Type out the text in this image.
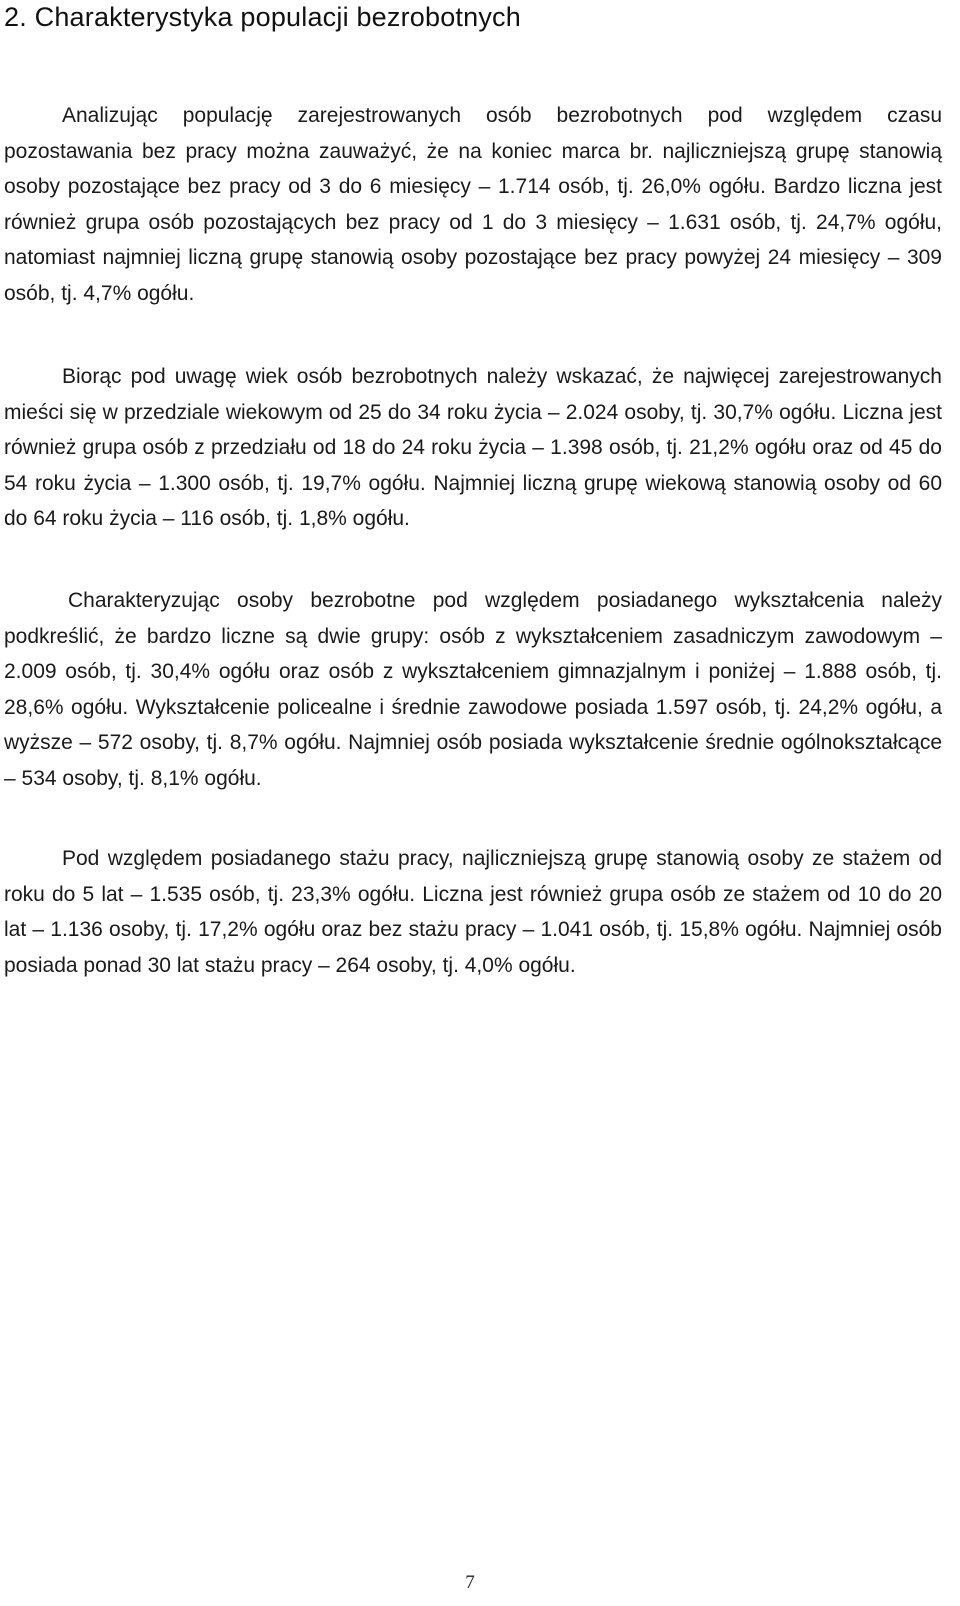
2. Charakterystyka populacji bezrobotnych

Analizując populację zarejestrowanych osób bezrobotnych pod względem czasu pozostawania bez pracy można zauważyć, że na koniec marca br. najliczniejszą grupę stanowią osoby pozostające bez pracy od 3 do 6 miesięcy – 1.714 osób, tj. 26,0% ogółu. Bardzo liczna jest również grupa osób pozostających bez pracy od 1 do 3 miesięcy – 1.631 osób, tj. 24,7% ogółu, natomiast najmniej liczną grupę stanowią osoby pozostające bez pracy powyżej 24 miesięcy – 309 osób, tj. 4,7% ogółu.

Biorąc pod uwagę wiek osób bezrobotnych należy wskazać, że najwięcej zarejestrowanych mieści się w przedziale wiekowym od 25 do 34 roku życia – 2.024 osoby, tj. 30,7% ogółu. Liczna jest również grupa osób z przedziału od 18 do 24 roku życia – 1.398 osób, tj. 21,2% ogółu oraz od 45 do 54 roku życia – 1.300 osób, tj. 19,7% ogółu. Najmniej liczną grupę wiekową stanowią osoby od 60 do 64 roku życia – 116 osób, tj. 1,8% ogółu.

Charakteryzując osoby bezrobotne pod względem posiadanego wykształcenia należy podkreślić, że bardzo liczne są dwie grupy: osób z wykształceniem zasadniczym zawodowym – 2.009 osób, tj. 30,4% ogółu oraz osób z wykształceniem gimnazjalnym i poniżej – 1.888 osób, tj. 28,6% ogółu. Wykształcenie policealne i średnie zawodowe posiada 1.597 osób, tj. 24,2% ogółu, a wyższe – 572 osoby, tj. 8,7% ogółu. Najmniej osób posiada wykształcenie średnie ogólnokształcące – 534 osoby, tj. 8,1% ogółu.

Pod względem posiadanego stażu pracy, najliczniejszą grupę stanowią osoby ze stażem od roku do 5 lat – 1.535 osób, tj. 23,3% ogółu. Liczna jest również grupa osób ze stażem od 10 do 20 lat – 1.136 osoby, tj. 17,2% ogółu oraz bez stażu pracy – 1.041 osób, tj. 15,8% ogółu. Najmniej osób posiada ponad 30 lat stażu pracy – 264 osoby, tj. 4,0% ogółu.

7
